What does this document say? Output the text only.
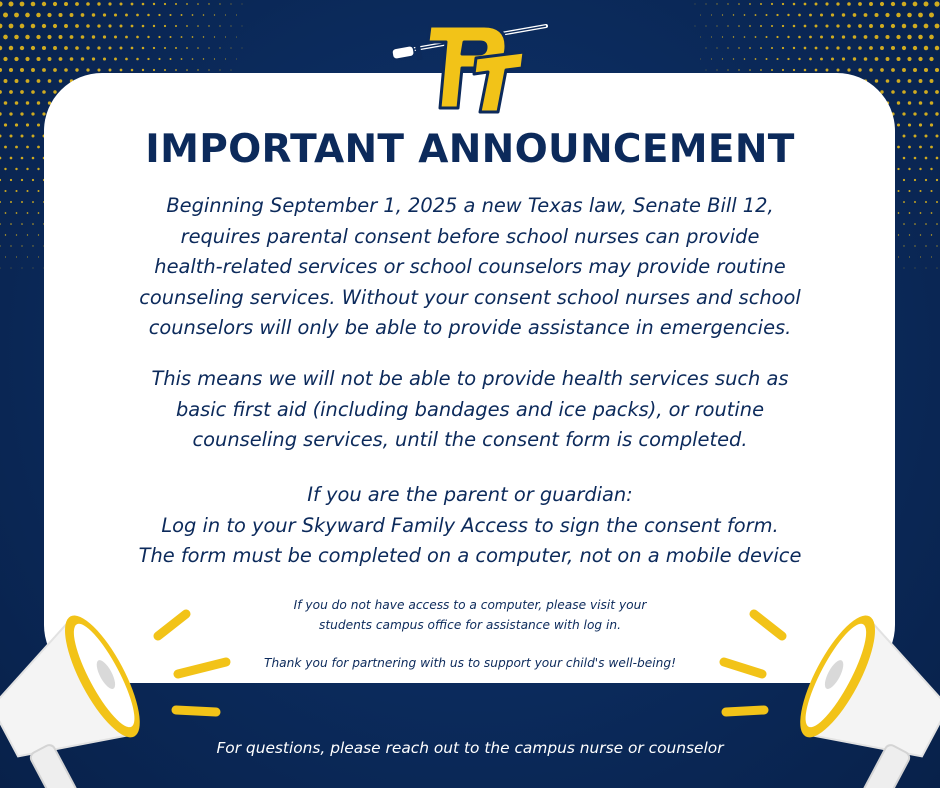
PT
IMPORTANT ANNOUNCEMENT
Beginning September 1, 2025 a new Texas law, Senate Bill 12,
requires parental consent before school nurses can provide
health-related services or school counselors may provide routine
counseling services. Without your consent school nurses and school
counselors will only be able to provide assistance in emergencies.
This means we will not be able to provide health services such as
basic first aid (including bandages and ice packs), or routine
counseling services, until the consent form is completed.
If you are the parent or guardian:
Log in to your Skyward Family Access to sign the consent form.
The form must be completed on a computer, not on a mobile device
If you do not have access to a computer, please visit your
students campus office for assistance with log in.
Thank you for partnering with us to support your child's well-being!
For questions, please reach out to the campus nurse or counselor
